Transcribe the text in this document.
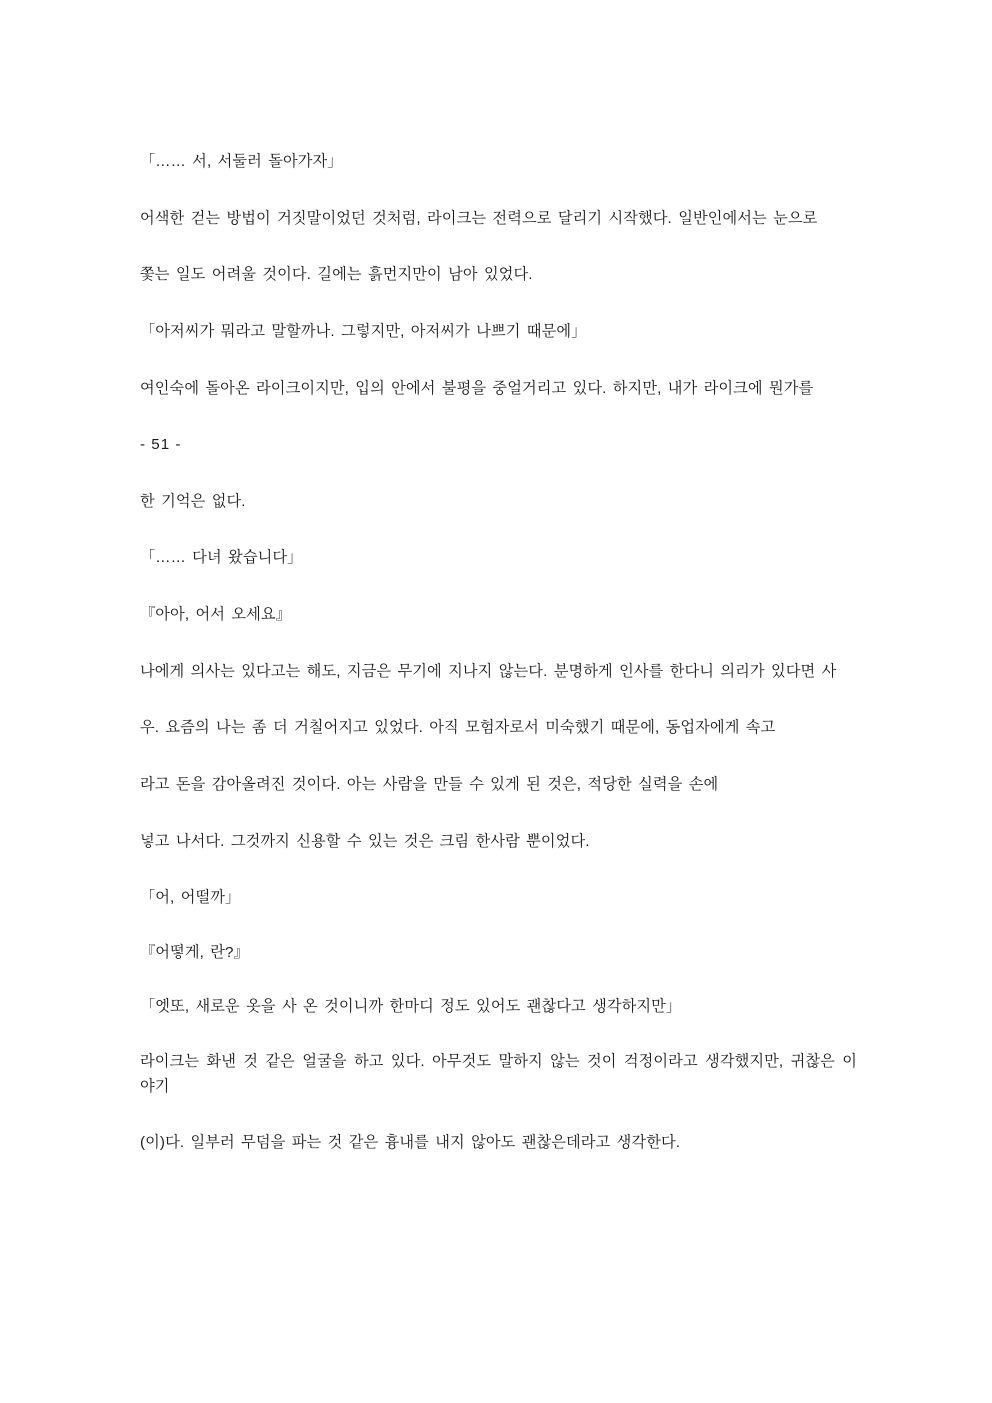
「…… 서, 서둘러 돌아가자」

어색한 걷는 방법이 거짓말이었던 것처럼, 라이크는 전력으로 달리기 시작했다. 일반인에서는 눈으로

쫓는 일도 어려울 것이다. 길에는 흙먼지만이 남아 있었다.

「아저씨가 뭐라고 말할까나. 그렇지만, 아저씨가 나쁘기 때문에」

여인숙에 돌아온 라이크이지만, 입의 안에서 불평을 중얼거리고 있다. 하지만, 내가 라이크에 뭔가를

- 51 -

한 기억은 없다.

「…… 다녀 왔습니다」

『아아, 어서 오세요』

나에게 의사는 있다고는 해도, 지금은 무기에 지나지 않는다. 분명하게 인사를 한다니 의리가 있다면 사

우. 요즘의 나는 좀 더 거칠어지고 있었다. 아직 모험자로서 미숙했기 때문에, 동업자에게 속고

라고 돈을 감아올려진 것이다. 아는 사람을 만들 수 있게 된 것은, 적당한 실력을 손에

넣고 나서다. 그것까지 신용할 수 있는 것은 크림 한사람 뿐이었다.

「어, 어떨까」

『어떻게, 란?』

「엣또, 새로운 옷을 사 온 것이니까 한마디 정도 있어도 괜찮다고 생각하지만」

라이크는 화낸 것 같은 얼굴을 하고 있다. 아무것도 말하지 않는 것이 걱정이라고 생각했지만, 귀찮은 이야기

(이)다. 일부러 무덤을 파는 것 같은 흉내를 내지 않아도 괜찮은데라고 생각한다.
